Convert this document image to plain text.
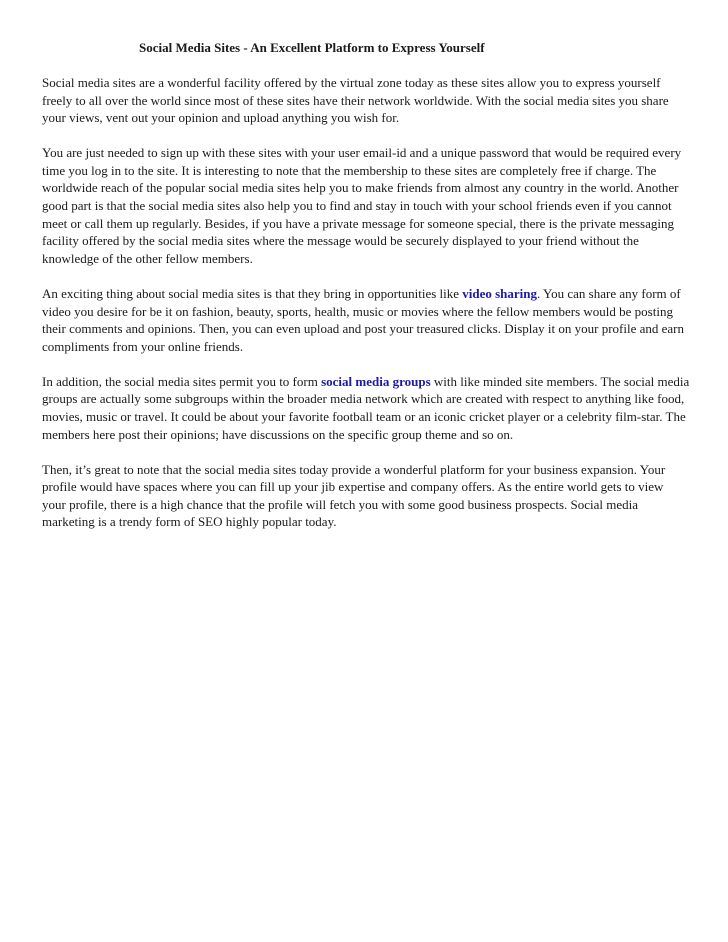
Social Media Sites - An Excellent Platform to Express Yourself

Social media sites are a wonderful facility offered by the virtual zone today as these sites allow you to express yourself freely to all over the world since most of these sites have their network worldwide. With the social media sites you share your views, vent out your opinion and upload anything you wish for.

You are just needed to sign up with these sites with your user email-id and a unique password that would be required every time you log in to the site. It is interesting to note that the membership to these sites are completely free if charge. The worldwide reach of the popular social media sites help you to make friends from almost any country in the world. Another good part is that the social media sites also help you to find and stay in touch with your school friends even if you cannot meet or call them up regularly. Besides, if you have a private message for someone special, there is the private messaging facility offered by the social media sites where the message would be securely displayed to your friend without the knowledge of the other fellow members.

An exciting thing about social media sites is that they bring in opportunities like video sharing. You can share any form of video you desire for be it on fashion, beauty, sports, health, music or movies where the fellow members would be posting their comments and opinions. Then, you can even upload and post your treasured clicks. Display it on your profile and earn compliments from your online friends.

In addition, the social media sites permit you to form social media groups with like minded site members. The social media groups are actually some subgroups within the broader media network which are created with respect to anything like food, movies, music or travel. It could be about your favorite football team or an iconic cricket player or a celebrity film-star. The members here post their opinions; have discussions on the specific group theme and so on.

Then, it’s great to note that the social media sites today provide a wonderful platform for your business expansion. Your profile would have spaces where you can fill up your jib expertise and company offers. As the entire world gets to view your profile, there is a high chance that the profile will fetch you with some good business prospects. Social media marketing is a trendy form of SEO highly popular today.
